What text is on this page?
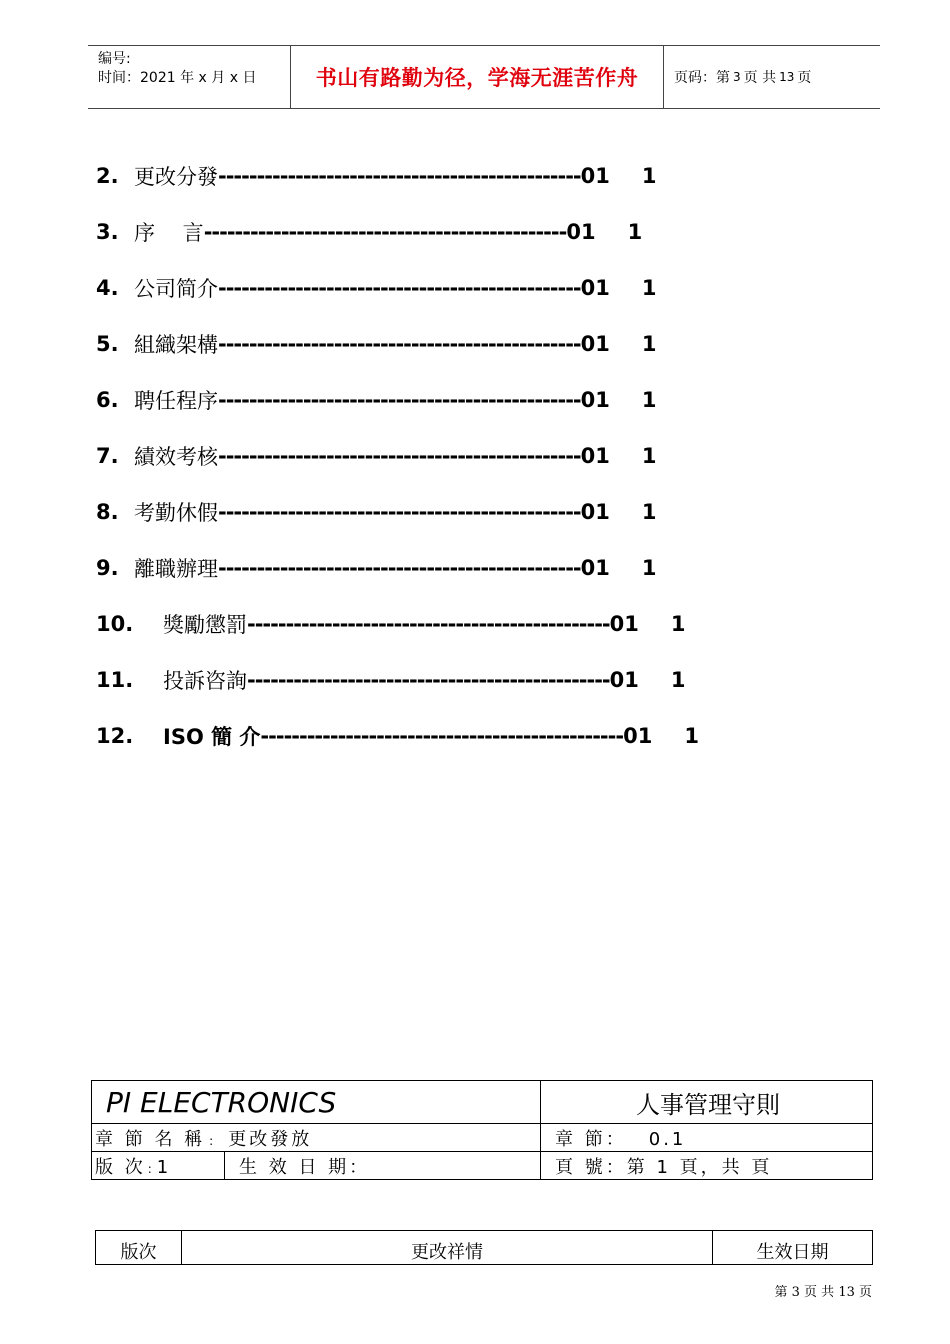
编号:
时间：2021 年 x 月 x 日	书山有路勤为径，学海无涯苦作舟	页码：第 3 页 共 13 页
2. 更改分發 ----------------------------------------------- 01 1
3. 序　 言 ----------------------------------------------- 01 1
4. 公司简介 ----------------------------------------------- 01 1
5. 組織架構 ----------------------------------------------- 01 1
6. 聘任程序 ----------------------------------------------- 01 1
7. 績效考核 ----------------------------------------------- 01 1
8. 考勤休假 ----------------------------------------------- 01 1
9. 離職辦理 ----------------------------------------------- 01 1
10.	獎勵懲罰 ----------------------------------------------- 01 1
11.	投訴咨詢 ----------------------------------------------- 01 1
12.	ISO 簡 介 ----------------------------------------------- 01 1
PI ELECTRONICS		人事管理守則
章 節 名 稱 : 更改發放		章 節： 0.1
版 次 : 1	生 效 日 期：	頁 號：第 1 頁，共 頁
版次	更改祥情	生效日期
第 3 页 共 13 页
